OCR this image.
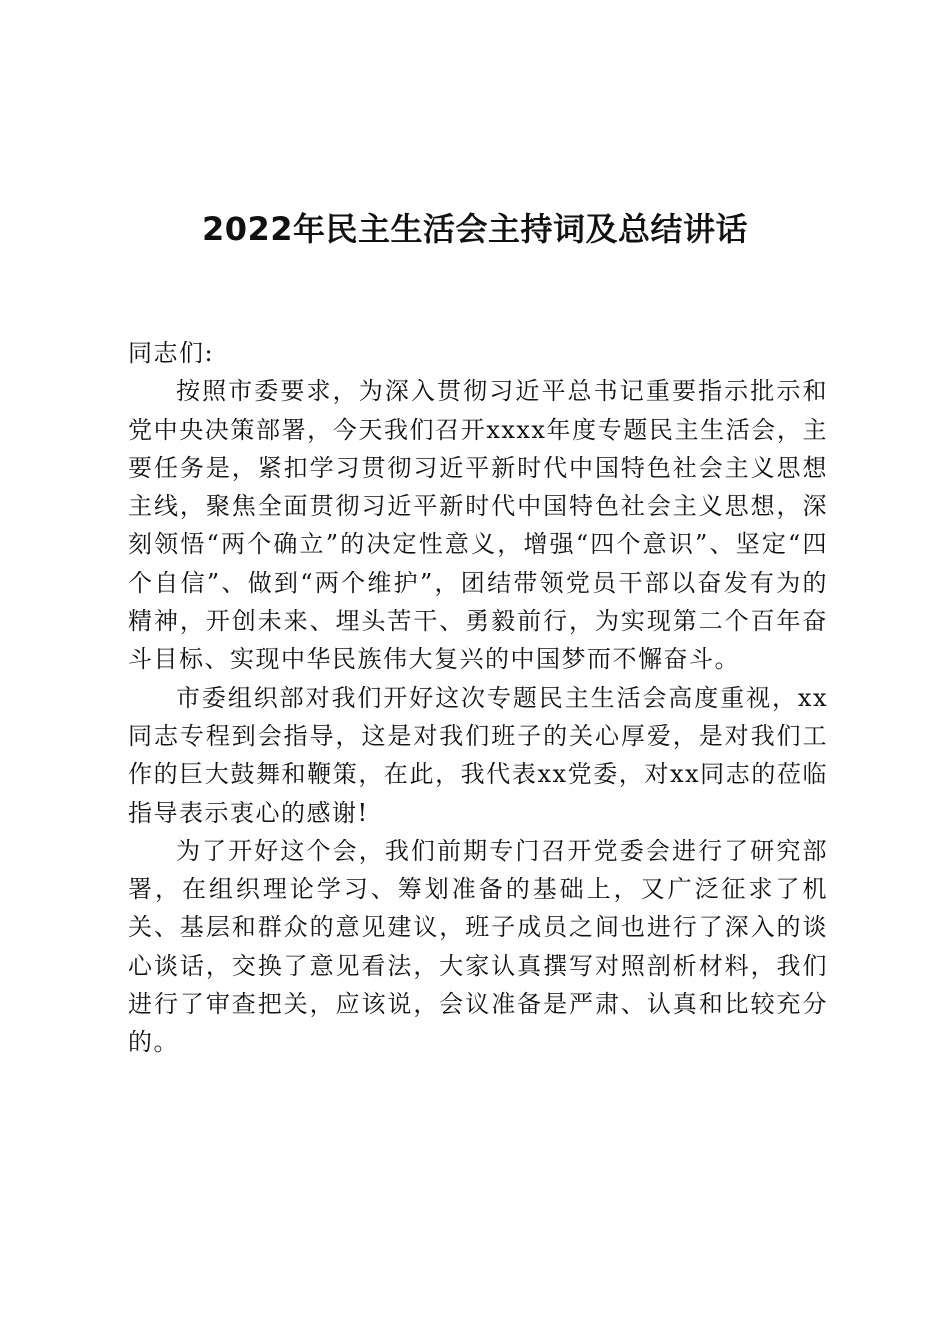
2022年民主生活会主持词及总结讲话

同志们:

按照市委要求，为深入贯彻习近平总书记重要指示批示和党中央决策部署，今天我们召开xxxx年度专题民主生活会，主要任务是，紧扣学习贯彻习近平新时代中国特色社会主义思想主线，聚焦全面贯彻习近平新时代中国特色社会主义思想，深刻领悟“两个确立”的决定性意义，增强“四个意识”、坚定“四个自信”、做到“两个维护”，团结带领党员干部以奋发有为的精神，开创未来、埋头苦干、勇毅前行，为实现第二个百年奋斗目标、实现中华民族伟大复兴的中国梦而不懈奋斗。

市委组织部对我们开好这次专题民主生活会高度重视，xx同志专程到会指导，这是对我们班子的关心厚爱，是对我们工作的巨大鼓舞和鞭策，在此，我代表xx党委，对xx同志的莅临指导表示衷心的感谢!

为了开好这个会，我们前期专门召开党委会进行了研究部署，在组织理论学习、筹划准备的基础上，又广泛征求了机关、基层和群众的意见建议，班子成员之间也进行了深入的谈心谈话，交换了意见看法，大家认真撰写对照剖析材料，我们进行了审查把关，应该说，会议准备是严肃、认真和比较充分的。
